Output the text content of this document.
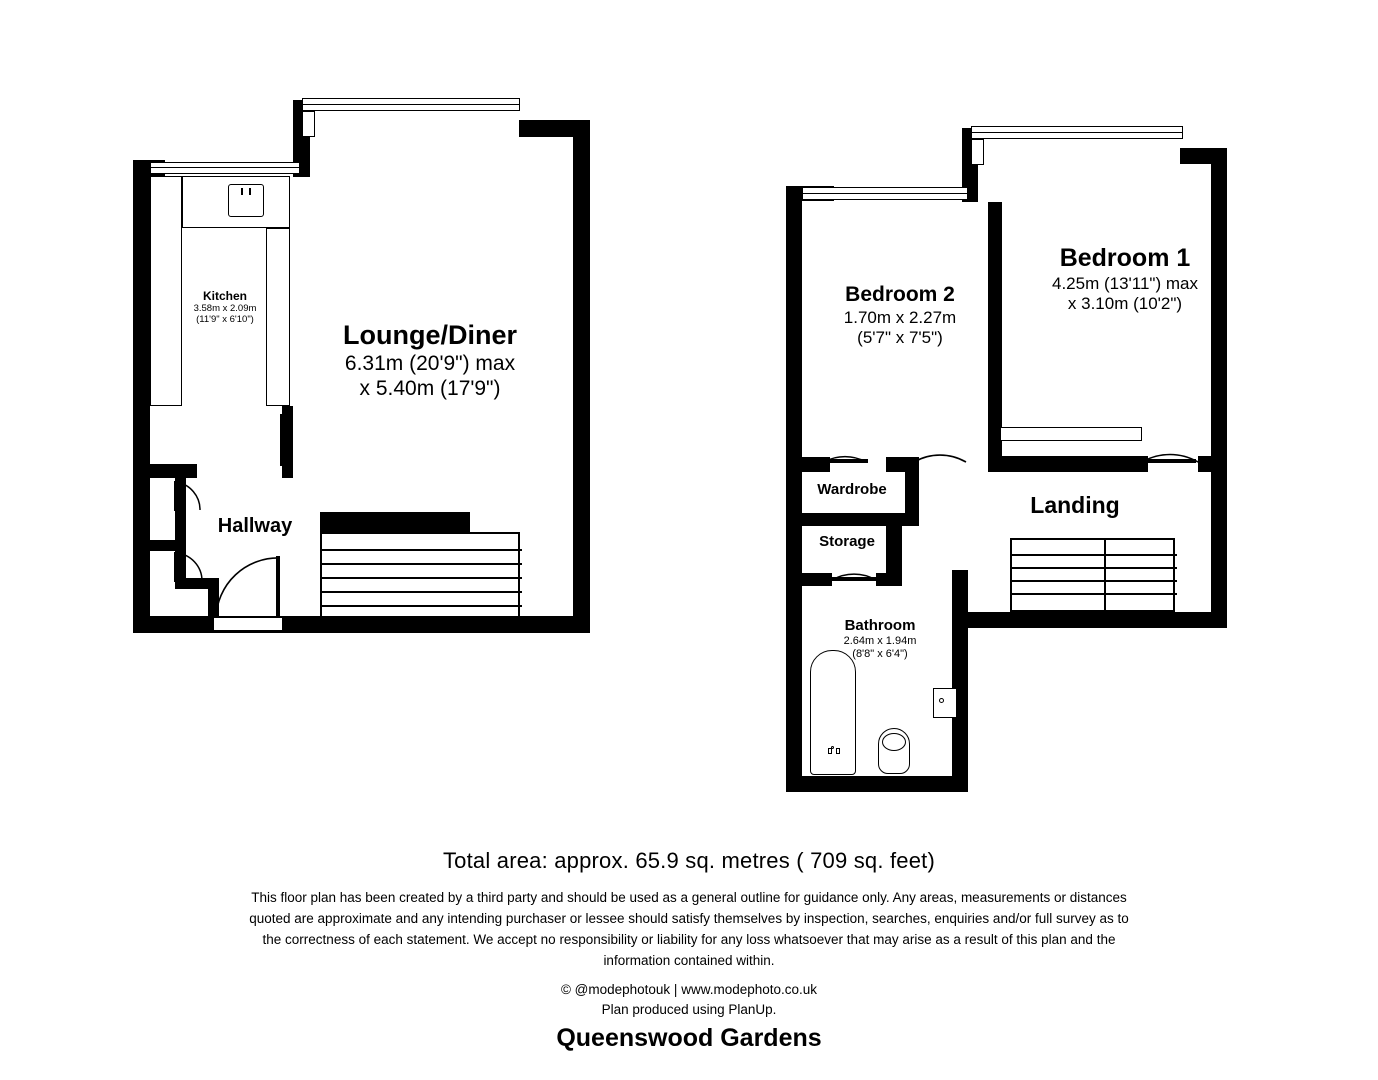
Kitchen
3.58m x 2.09m
(11'9" x 6'10")
Lounge/Diner
6.31m (20'9") max
x 5.40m (17'9")
Hallway
Bedroom 1
4.25m (13'11") max
x 3.10m (10'2")
Bedroom 2
1.70m x 2.27m
(5'7" x 7'5")
Wardrobe
Storage
Bathroom
2.64m x 1.94m
(8'8" x 6'4")
Landing
Total area: approx. 65.9 sq. metres ( 709 sq. feet)
This floor plan has been created by a third party and should be used as a general outline for guidance only. Any areas, measurements or distances quoted are approximate and any intending purchaser or lessee should satisfy themselves by inspection, searches, enquiries and/or full survey as to the correctness of each statement. We accept no responsibility or liability for any loss whatsoever that may arise as a result of this plan and the information contained within.
© @modephotouk | www.modephoto.co.uk
Plan produced using PlanUp.
Queenswood Gardens
